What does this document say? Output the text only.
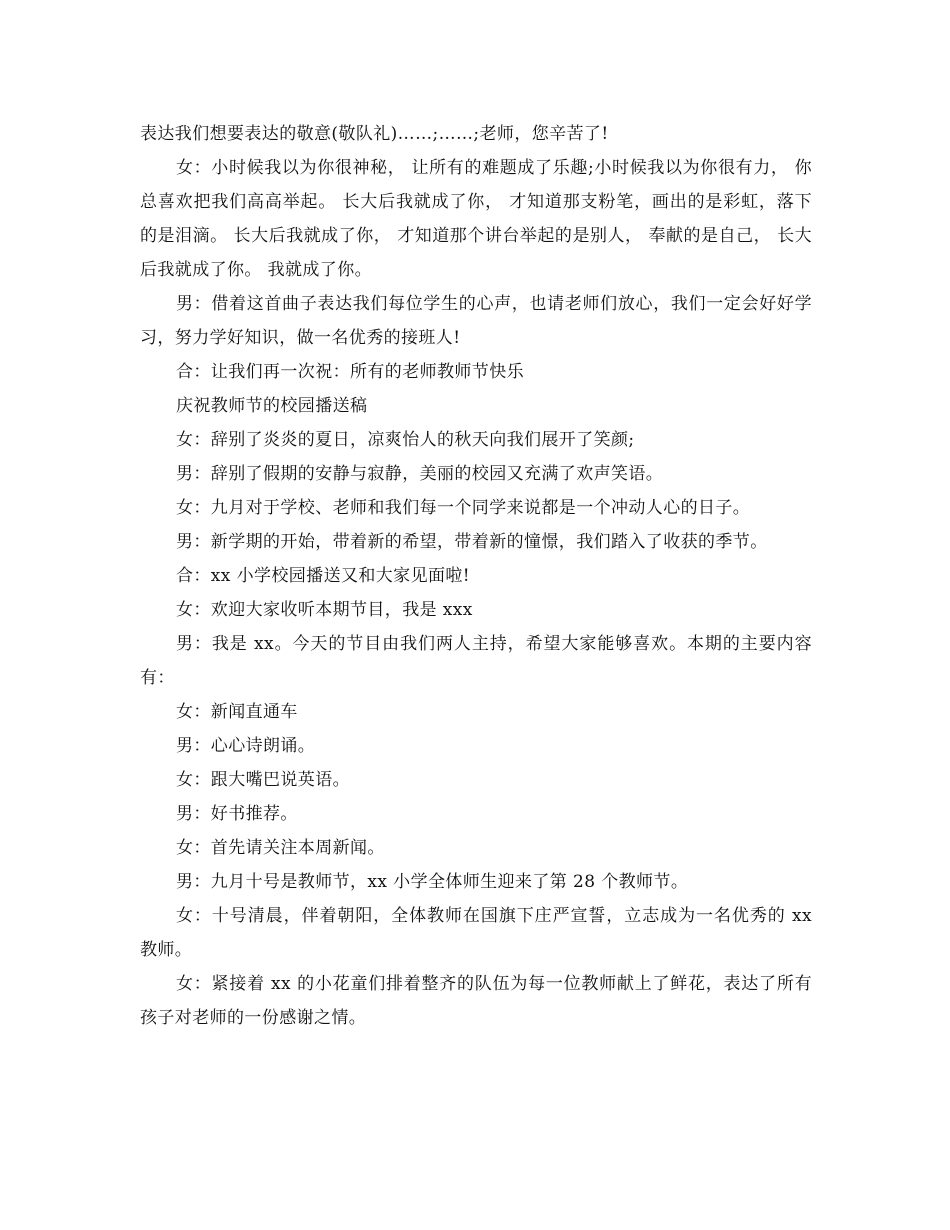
表达我们想要表达的敬意(敬队礼)……;……;老师，您辛苦了!

女：小时候我以为你很神秘， 让所有的难题成了乐趣;小时候我以为你很有力， 你总喜欢把我们高高举起。 长大后我就成了你， 才知道那支粉笔，画出的是彩虹，落下的是泪滴。 长大后我就成了你， 才知道那个讲台举起的是别人， 奉献的是自己， 长大后我就成了你。 我就成了你。

男：借着这首曲子表达我们每位学生的心声，也请老师们放心，我们一定会好好学习，努力学好知识，做一名优秀的接班人!

合：让我们再一次祝：所有的老师教师节快乐

庆祝教师节的校园播送稿

女：辞别了炎炎的夏日，凉爽怡人的秋天向我们展开了笑颜;

男：辞别了假期的安静与寂静，美丽的校园又充满了欢声笑语。

女：九月对于学校、老师和我们每一个同学来说都是一个冲动人心的日子。

男：新学期的开始，带着新的希望，带着新的憧憬，我们踏入了收获的季节。

合：xx 小学校园播送又和大家见面啦!

女：欢迎大家收听本期节目，我是 xxx

男：我是 xx。今天的节目由我们两人主持，希望大家能够喜欢。本期的主要内容有：

女：新闻直通车

男：心心诗朗诵。

女：跟大嘴巴说英语。

男：好书推荐。

女：首先请关注本周新闻。

男：九月十号是教师节，xx 小学全体师生迎来了第 28 个教师节。

女：十号清晨，伴着朝阳，全体教师在国旗下庄严宣誓，立志成为一名优秀的 xx 教师。

女：紧接着 xx 的小花童们排着整齐的队伍为每一位教师献上了鲜花，表达了所有孩子对老师的一份感谢之情。
